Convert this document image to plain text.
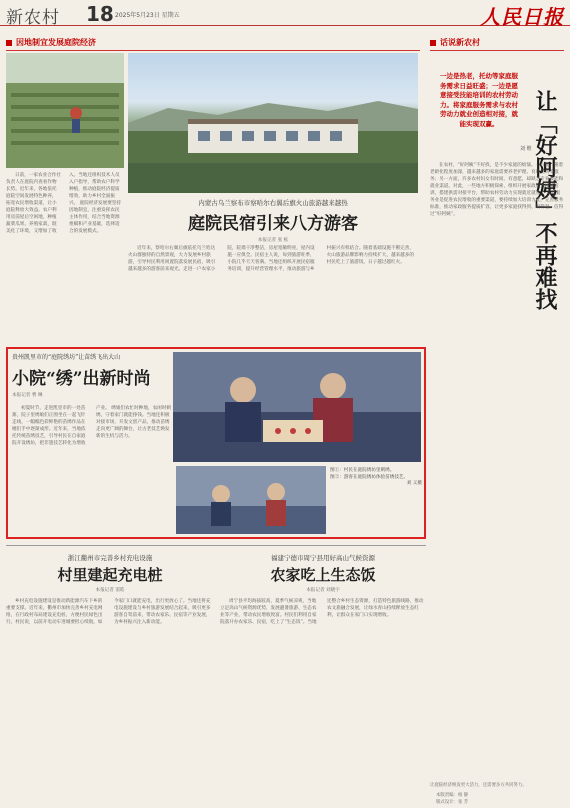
新农村 18 2025年5月23日 星期五	人民日报
因地制宜发展庭院经济

日前，一家农业合作社负责人在庭院内查看作物长势。近年来，各地依托庭院空间发展特色种养，拓宽农民增收渠道，让小庭院释放大效益。农户利用房前屋后空闲地，种植蔬菜瓜果、养殖家禽，既美化了环境，又增加了收入。当地还组织技术人员入户指导，帮助农户科学种植，推动庭院经济提质增效，助力乡村全面振兴。 庭院经济发展要坚持因地制宜，注重发挥农民主体作用，结合当地资源禀赋和产业基础，选择适合的发展模式。

内蒙古乌兰察布市察哈尔右翼后旗火山旅游越来越热
庭院民宿引来八方游客
本报记者 张 枨

近年来，察哈尔右翼后旗依托乌兰哈达火山群独特的自然景观，大力发展乡村旅游，引导村民利用闲置院落发展民宿，吸引越来越多的游客前来观光。走进一户农家小院，院墙干净整洁，房屋宽敞明亮，屋内设施一应俱全。民宿主人说，每到旅游旺季，小院几乎天天客满。当地还组织开展民宿服务培训，提升经营管理水平，推动旅游与乡村振兴有机结合。随着基础设施不断完善，火山旅游品牌影响力持续扩大，越来越多的村民吃上了旅游饭，日子越过越红火。

贵州凯里市的“庭院绣坊”让苗绣飞出大山
小院“绣”出新时尚
本报记者 曹 琳

初夏时节，走进凯里市的一处苗寨，院子里绣娘们正围坐在一起飞针走线，一幅幅色彩鲜艳的苗绣作品在她们手中逐渐成形。近年来，当地依托传统苗绣技艺，引导村民在自家庭院开设绣坊，把非遗技艺转化为增收产业。 绣娘们农忙时种地，农闲时刺绣，守着家门就能挣钱。当地还积极对接市场，开发文创产品，推动苗绣走向更广阔的舞台，让古老技艺焕发新的生机与活力。

图①：村民在庭院绣坊里刺绣。
图②：游客在庭院绣坊体验苗绣技艺。
刘 义摄
话说新农村
一边是热老，托幼等家庭服务需求日益旺盛；一边是愿意接受技能培训的农村劳动力。将家庭服务需求与农村劳动力就业创造相对接，就能实现双赢。	让「好阿姨」不再难找
刘 维

在农村，“好阿姨”不好找，是不少家庭的烦恼。一方面，随着老龄化程度加深，越来越多的家庭需要养老护理、育幼托幼等服务；另一方面，许多农村妇女有时间、有意愿，却缺乏专业技能和就业渠道。对此，一些地方积极探索，组织开展家政服务技能培训，搭建供需对接平台，帮助农村劳动力实现就近就业。 家政服务业是促进农民增收的重要渠道，要持续加大培训力度，完善服务标准，推动家政服务提质扩容，让更多家庭找得到、用得起、信得过“好阿姨”。

浙江衢州市完善乡村充电设施
村里建起充电桩
本报记者 窦皓

乡村充电设施建设是推动新能源汽车下乡的重要支撑。近年来，衢州市加快完善乡村充电网络，在行政村布局建设充电桩，方便村民绿色出行。村民说，以前开电动车进城要担心续航，如今家门口就能充电，出行更放心了。当地还将充电设施建设与乡村旅游发展结合起来，吸引更多游客自驾前来，带动农家乐、民宿等产业发展，为乡村振兴注入新动能。

福建宁德市周宁县用好高山气候资源
农家吃上生态饭
本报记者 刘晓宇

周宁县平均海拔较高，夏季气候凉爽，当地立足高山气候资源优势，发展避暑旅游、生态农业等产业，带动农民增收致富。村民们利用自家院落开办农家乐、民宿，吃上了“生态饭”。当地还整合乡村生态资源，打造特色旅游线路，推动农文旅融合发展，让绿水青山持续释放生态红利，让群众在家门口实现增收。

让庭院经济焕发更大活力，还需要多方共同努力。
本版责编：杨 静
版式设计：张 芳
